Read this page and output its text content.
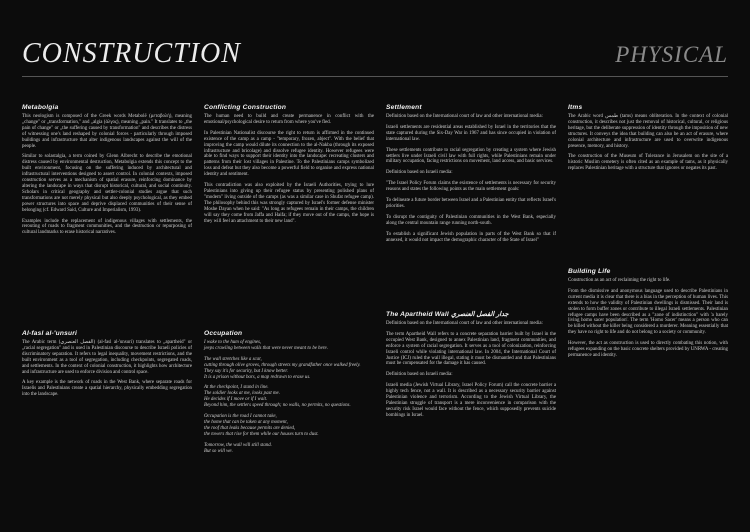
CONSTRUCTION	PHYSICAL
Metabolgia

This neologism is composed of the Greek words Metabolē (μεταβολή), meaning „change" or „transformation," and „algia (άλγος), meaning „pain." It translates to „the pain of change" or „the suffering caused by transformation" and describes the distress of witnessing one's land reshaped by colonial forces - particularly through imposed buildings and infrastructure that alter indigenous landscapes against the will of the people.

Similar to solastalgia, a term coined by Glenn Albrecht to describe the emotional distress caused by environmental destruction, Metabolgia extends this concept to the built environment, focusing on the suffering induced by architectural and infrastructural interventions designed to assert control. In colonial contexts, imposed construction serves as a mechanism of spatial erasure, reinforcing dominance by altering the landscape in ways that disrupt historical, cultural, and social continuity. Scholars in critical geography and settler-colonial studies argue that such transformations are not merely physical but also deeply psychological, as they embed power structures into space and deprive displaced communities of their sense of belonging (cf. Edward Said, Culture and Imperialism, 1993).

Examples include the replacement of indigenous villages with settlements, the rerouting of roads to fragment communities, and the destruction or repurposing of cultural landmarks to erase historical narratives.

Al-fasl al-'unsuri

The Arabic term (الفصل العنصري) (al-fasl al-'unsuri) translates to „apartheid" or „racial segregation" and is used in Palestinian discourse to describe Israeli policies of discriminatory separation. It refers to legal inequality, movement restrictions, and the built environment as a tool of segregation, including checkpoints, segregated roads, and settlements. In the context of colonial construction, it highlights how architecture and infrastructure are used to enforce division and control space.

A key example is the network of roads in the West Bank, where separate roads for Israelis and Palestinians create a spatial hierarchy, physically embedding segregation into the landscape.

Conflicting Construction

The human need to build and create permanence in conflict with the emotional/psychological desire to return from where you've fled.

In Palestinian Nationalist discourse the right to return is affirmed in the continued existence of the camp as a camp - "temporary, frozen, abject". With the belief that improving the camp would dilute its connection to the al-Nakba (through its exposed infrastructure and bricolage) and dissolve refugee identity. However refugees were able to find ways to support their identity into the landscape: recreating clusters and patterns from their lost villages in Palestine. To the Palestinians camps symbolized loss and defeat but they also become a powerful field to organise and express national identity and sentiment.

This contradiction was also exploited by the Israeli Authorities, trying to lure Palestinians into giving up their refugee status by presenting polished plans of "modern" living outside of the camps (as was a similar case in Shufat refugee camp). The philosophy behind this was strongly captured by Israel's former defense minister Moshe Dayan when he said: "As long as refugees remain in their camps, the children will say they come from Jaffa and Haifa; if they move out of the camps, the hope is they will feel an attachment to their new land".

Occupation
I wake to the hum of engines,
jeeps crawling between walls that were never meant to be here.
The wall stretches like a scar,
cutting through olive groves, through streets my grandfather once walked freely.
They say it's for security, but I know better.
It is a prison without bars, a map redrawn to erase us.
At the checkpoint, I stand in line.
The soldier looks at me, looks past me.
He decides if I move or if I wait.
Beyond him, the settlers speed through; no walls, no permits, no questions.
Occupation is the road I cannot take,
the home that can be taken at any moment,
the roof that leaks because permits are denied,
the towers that rise for them while our houses turn to dust.
Tomorrow, the wall will still stand.
But so will we.
Settlement

Definition based on the International court of law and other international media:

Israeli settlements are residential areas established by Israel in the territories that the state captured during the Six-Day War in 1967 and has since occupied in violation of international law.

These settlements contribute to racial segregation by creating a system where Jewish settlers live under Israeli civil law with full rights, while Palestinians remain under military occupation, facing restrictions on movement, land access, and basic services.

Definition based on Israeli media:

"The Israel Policy Forum claims the existence of settlements is necessary for security reasons and states the following points as the main settlement goals:

To delineate a future border between Israel and a Palestinian entity that reflects Israel's priorities.

To disrupt the contiguity of Palestinian communities in the West Bank, especially along the central mountain range running north-south.

To establish a significant Jewish population in parts of the West Bank so that if annexed, it would not impact the demographic character of the State of Israel"

The Apartheid Wall جدار الفصل العنصري

Definition based on the International court of law and other international media:

The term Apartheid Wall refers to a concrete separation barrier built by Israel in the occupied West Bank, designed to annex Palestinian land, fragment communities, and enforce a system of racial segregation. It serves as a tool of colonization, reinforcing Israeli control while violating international law. In 2004, the International Court of Justice (ICJ) ruled the wall illegal, stating it must be dismantled and that Palestinians must be compensated for the damage it has caused.

Definition based on Israeli media:

Israeli media (Jewish Virtual Library, Israel Policy Forum) call the concrete barrier a highly tech fence, not a wall. It is described as a necessary security barrier against Palestinian violence and terrorism. According to the Jewish Virtual Library, the Palestinian struggle of transport is a mere inconvenience in comparison with the security risk Israel would face without the fence, which supposedly prevents suicide bombings in Israel.

Itms

The Arabic word طمس (tams) means obliteration. In the context of colonial construction, it describes not just the removal of historical, cultural, or religious heritage, but the deliberate suppression of identity through the imposition of new structures. It conveys the idea that building can also be an act of erasure, where colonial architecture and infrastructure are used to overwrite indigenous presence, memory, and history.

The construction of the Museum of Tolerance in Jerusalem on the site of a historic Muslim cemetery is often cited as an example of tams, as it physically replaces Palestinian heritage with a structure that ignores or negates its past.

Building Life

Construction as an act of reclaiming the right to life.

From the dismissive and anonymous language used to describe Palestinians in current media it is clear that there is a bias in the perception of human lives. This extends to how the validity of Palestinian dwellings is dismissed. Their land is stolen to form buffer zones or contribute to illegal Israeli settlements. Palestinian refugee camps have been described as a "zone of indistinction" with 'a barely living homo sacer population'. The term 'Homo Sacer' means a person who can be killed without the killer being considered a murderer. Meaning essentially that they have no right to life and do not belong to a society or community.

However, the act as construction is used to directly combating this notion, with refugees expanding on the basic concrete shelters provided by UNRWA - creating permanence and identity.
